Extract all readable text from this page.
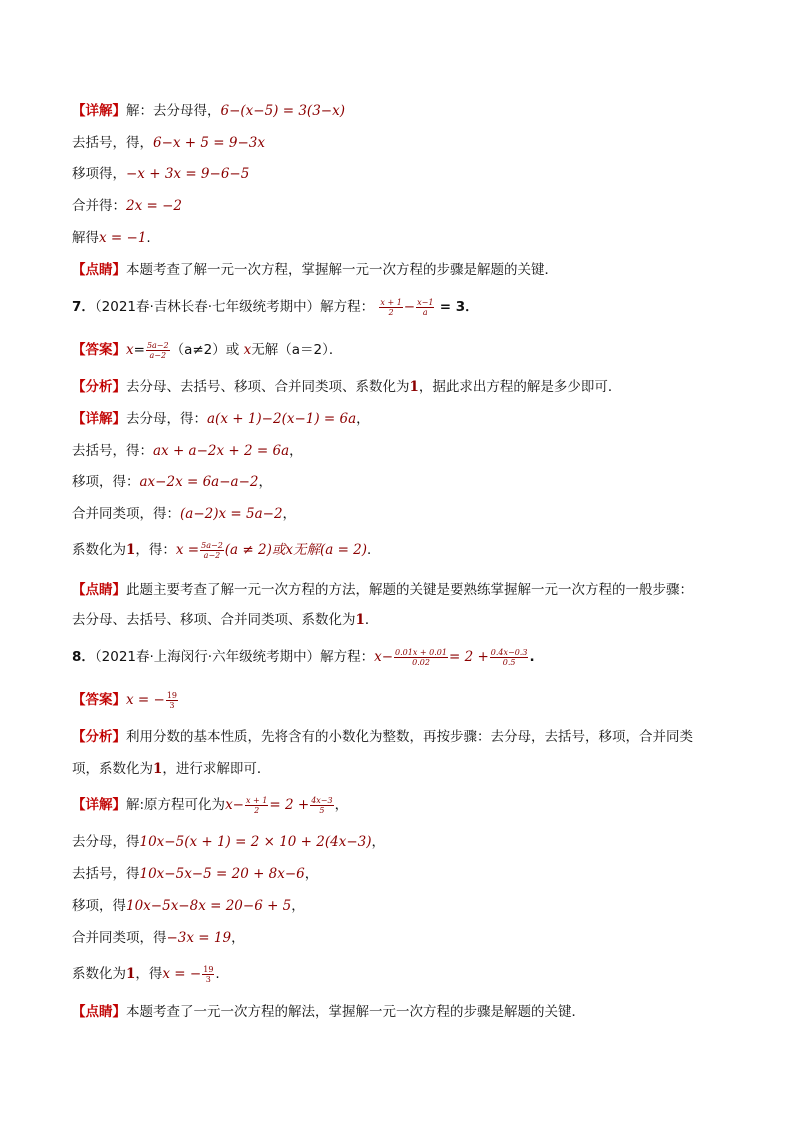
【详解】解：去分母得，6−(x−5) = 3(3−x)
去括号，得，6−x + 5 = 9−3x
移项得，−x + 3x = 9−6−5
合并得：2x = −2
解得x = −1.
【点睛】本题考查了解一元一次方程，掌握解一元一次方程的步骤是解题的关键．
7．（2021春·吉林长春·七年级统考期中）解方程： $\frac{x + 1}{2} - \frac{x-1}{a} = 3$．
【答案】$x= \frac{5a-2}{a-2} (a\ne 2)$或 x无解（a＝2）．
【分析】去分母、去括号、移项、合并同类项、系数化为1，据此求出方程的解是多少即可．
【详解】去分母，得：a(x + 1)−2(x−1) = 6a，
去括号，得：ax + a−2x + 2 = 6a，
移项，得：ax−2x = 6a−a−2，
合并同类项，得：(a−2)x = 5a−2，
系数化为1，得：$x = \frac{5a-2}{a-2} (a \ne 2)$或x无解(a = 2)．
【点睛】此题主要考查了解一元一次方程的方法，解题的关键是要熟练掌握解一元一次方程的一般步骤：
去分母、去括号、移项、合并同类项、系数化为1．
8．（2021春·上海闵行·六年级统考期中）解方程：$x- \frac{0.01x + 0.01}{0.02} = 2 + \frac{0.4x-0.3}{0.5}$ .
【答案】x = − $\frac{19}{3}$
【分析】利用分数的基本性质，先将含有的小数化为整数，再按步骤：去分母，去括号，移项，合并同类
项，系数化为1，进行求解即可．
【详解】解:原方程可化为$x- \frac{x + 1}{2} = 2 + \frac{4x-3}{5}$ ，
去分母，得10x−5(x + 1) = 2 × 10 + 2(4x−3)，
去括号，得10x−5x−5 = 20 + 8x−6，
移项，得10x−5x−8x = 20−6 + 5，
合并同类项，得−3x = 19，
系数化为1，得x = − $\frac{19}{3}$ .
【点睛】本题考查了一元一次方程的解法，掌握解一元一次方程的步骤是解题的关键．
